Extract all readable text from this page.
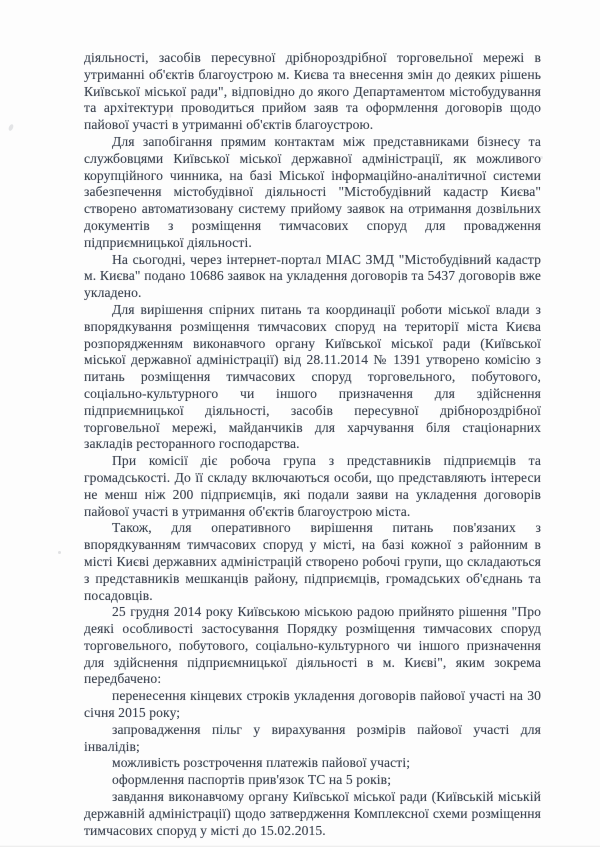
діяльності, засобів пересувної дрібнороздрібної торговельної мережі в утриманні об'єктів благоустрою м. Києва та внесення змін до деяких рішень Київської міської ради", відповідно до якого Департаментом містобудування та архітектури проводиться прийом заяв та оформлення договорів щодо пайової участі в утриманні об'єктів благоустрою.

Для запобігання прямим контактам між представниками бізнесу та службовцями Київської міської державної адміністрації, як можливого корупційного чинника, на базі Міської інформаційно-аналітичної системи забезпечення містобудівної діяльності "Містобудівний кадастр Києва" створено автоматизовану систему прийому заявок на отримання дозвільних документів з розміщення тимчасових споруд для провадження підприємницької діяльності.

На сьогодні, через інтернет-портал МІАС ЗМД "Містобудівний кадастр м. Києва" подано 10686 заявок на укладення договорів та 5437 договорів вже укладено.

Для вирішення спірних питань та координації роботи міської влади з впорядкування розміщення тимчасових споруд на території міста Києва розпорядженням виконавчого органу Київської міської ради (Київської міської державної адміністрації) від 28.11.2014 № 1391 утворено комісію з питань розміщення тимчасових споруд торговельного, побутового, соціально-культурного чи іншого призначення для здійснення підприємницької діяльності, засобів пересувної дрібнороздрібної торговельної мережі, майданчиків для харчування біля стаціонарних закладів ресторанного господарства.

При комісії діє робоча група з представників підприємців та громадськості. До її складу включаються особи, що представляють інтереси не менш ніж 200 підприємців, які подали заяви на укладення договорів пайової участі в утримання об'єктів благоустрою міста.

Також, для оперативного вирішення питань пов'язаних з впорядкуванням тимчасових споруд у місті, на базі кожної з районним в місті Києві державних адміністрацій створено робочі групи, що складаються з представників мешканців району, підприємців, громадських об'єднань та посадовців.

25 грудня 2014 року Київською міською радою прийнято рішення "Про деякі особливості застосування Порядку розміщення тимчасових споруд торговельного, побутового, соціально-культурного чи іншого призначення для здійснення підприємницької діяльності в м. Києві", яким зокрема передбачено:

перенесення кінцевих строків укладення договорів пайової участі на 30 січня 2015 року;

запровадження пільг у вирахування розмірів пайової участі для інвалідів;

можливість розстрочення платежів пайової участі;

оформлення паспортів прив'язок ТС на 5 років;

завдання виконавчому органу Київської міської ради (Київській міській державній адміністрації) щодо затвердження Комплексної схеми розміщення тимчасових споруд у місті до 15.02.2015.
